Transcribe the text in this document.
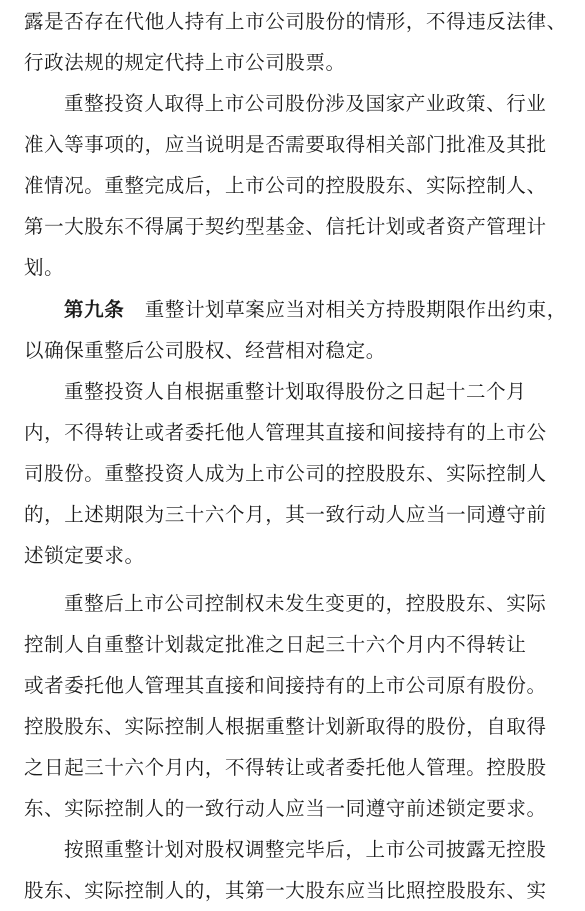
露是否存在代他人持有上市公司股份的情形，不得违反法律、
行政法规的规定代持上市公司股票。
重整投资人取得上市公司股份涉及国家产业政策、行业
准入等事项的，应当说明是否需要取得相关部门批准及其批
准情况。重整完成后，上市公司的控股股东、实际控制人、
第一大股东不得属于契约型基金、信托计划或者资产管理计
划。
第九条 重整计划草案应当对相关方持股期限作出约束，
以确保重整后公司股权、经营相对稳定。
重整投资人自根据重整计划取得股份之日起十二个月
内，不得转让或者委托他人管理其直接和间接持有的上市公
司股份。重整投资人成为上市公司的控股股东、实际控制人
的，上述期限为三十六个月，其一致行动人应当一同遵守前
述锁定要求。
重整后上市公司控制权未发生变更的，控股股东、实际
控制人自重整计划裁定批准之日起三十六个月内不得转让
或者委托他人管理其直接和间接持有的上市公司原有股份。
控股股东、实际控制人根据重整计划新取得的股份，自取得
之日起三十六个月内，不得转让或者委托他人管理。控股股
东、实际控制人的一致行动人应当一同遵守前述锁定要求。
按照重整计划对股权调整完毕后，上市公司披露无控股
股东、实际控制人的，其第一大股东应当比照控股股东、实
